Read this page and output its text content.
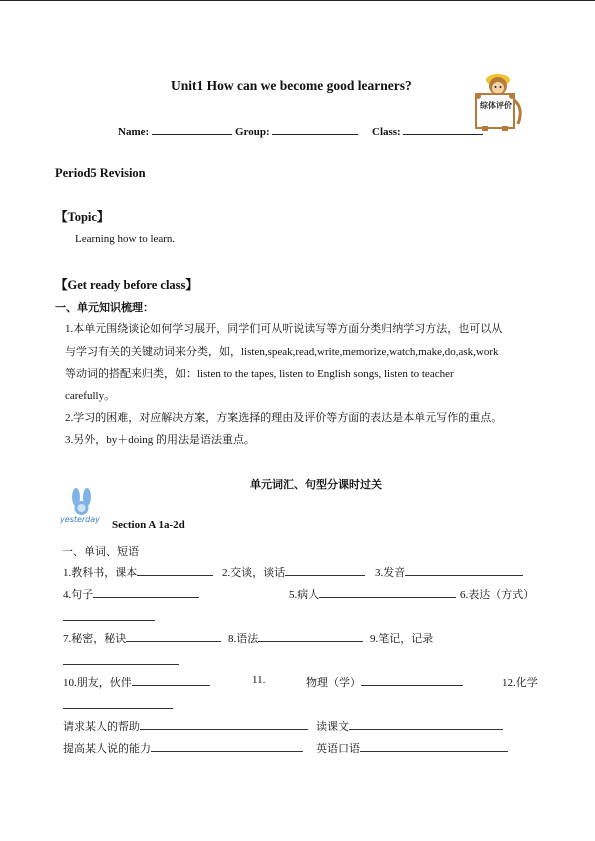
Unit1 How can we become good learners?
综体评价
Name:	Group:	Class:
Period5 Revision
【Topic】
Learning how to learn.
【Get ready before class】
一、单元知识梳理：
1.本单元围绕谈论如何学习展开，同学们可从听说读写等方面分类归纳学习方法，也可以从
与学习有关的关键动词来分类，如，listen,speak,read,write,memorize,watch,make,do,ask,work
等动词的搭配来归类，如：listen to the tapes, listen to English songs, listen to teacher
carefully。
2.学习的困难，对应解决方案，方案选择的理由及评价等方面的表达是本单元写作的重点。
3.另外，by＋doing 的用法是语法重点。
单元词汇、句型分课时过关
yesterday Section A 1a-2d
一、单词、短语
1.教科书，课本	2.交谈，谈话	3.发音
4.句子	5.病人	6.表达（方式）
7.秘密，秘诀	8.语法	9.笔记，记录
10.朋友，伙伴	11.	物理（学）	12.化学
请求某人的帮助	读课文
提高某人说的能力	英语口语
